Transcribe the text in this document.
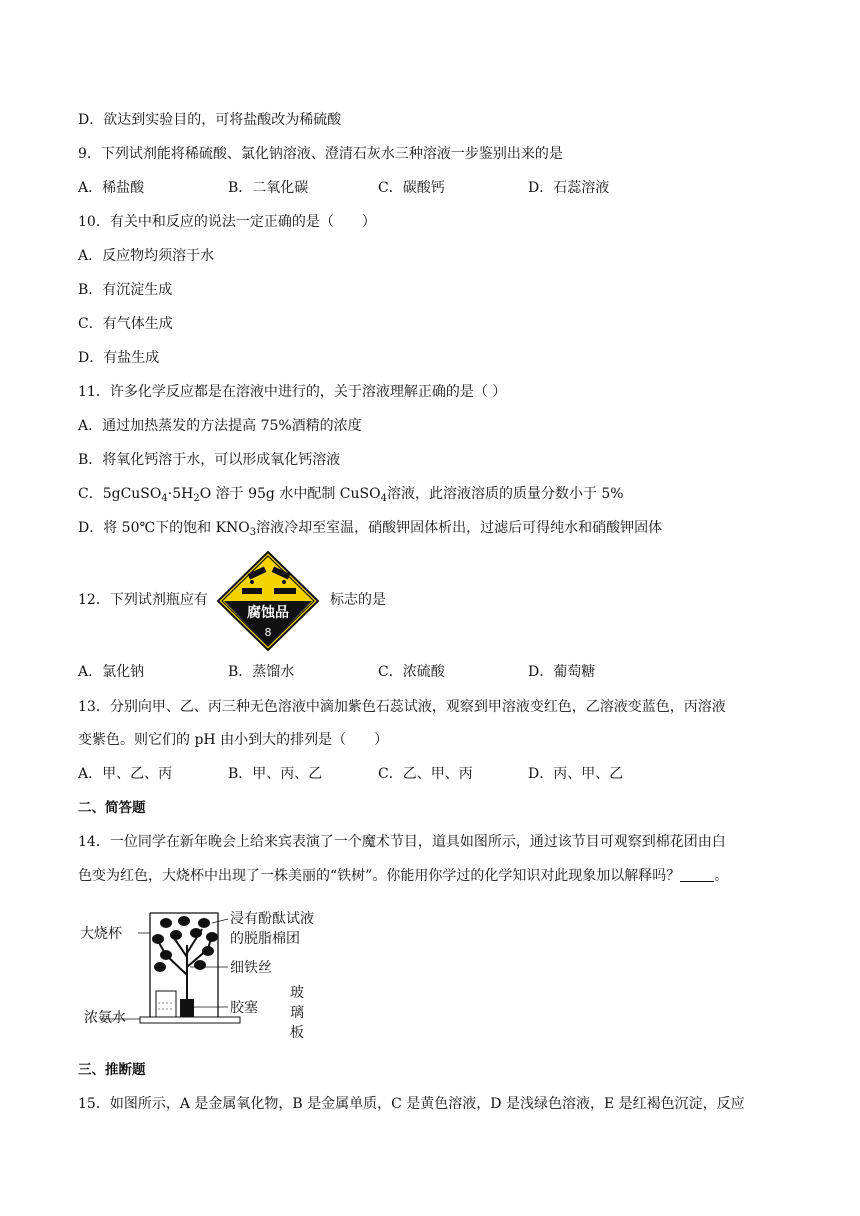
D．欲达到实验目的，可将盐酸改为稀硫酸
9．下列试剂能将稀硫酸、氯化钠溶液、澄清石灰水三种溶液一步鉴别出来的是
A．稀盐酸	B．二氧化碳	C．碳酸钙	D．石蕊溶液
10．有关中和反应的说法一定正确的是（　　）
A．反应物均须溶于水
B．有沉淀生成
C．有气体生成
D．有盐生成
11．许多化学反应都是在溶液中进行的，关于溶液理解正确的是（ ）
A．通过加热蒸发的方法提高 75%酒精的浓度
B．将氧化钙溶于水，可以形成氧化钙溶液
C．$5gCuSO_4\cdot 5H_2O$ 溶于 95g 水中配制 CuSO$_4$溶液，此溶液溶质的质量分数小于 5%
D．将 50℃下的饱和 $KNO_3$溶液冷却至室温，硝酸钾固体析出，过滤后可得纯水和硝酸钾固体
12．下列试剂瓶应有
腐蚀品
8
标志的是
A．氯化钠	B．蒸馏水	C．浓硫酸	D．葡萄糖
13．分别向甲、乙、丙三种无色溶液中滴加紫色石蕊试液，观察到甲溶液变红色，乙溶液变蓝色，丙溶液
变紫色。则它们的 pH 由小到大的排列是（　　）
A．甲、乙、丙	B．甲、丙、乙	C．乙、甲、丙	D．丙、甲、乙
二、简答题
14．一位同学在新年晚会上给来宾表演了一个魔术节目，道具如图所示，通过该节目可观察到棉花团由白
色变为红色，大烧杯中出现了一株美丽的“铁树”。你能用你学过的化学知识对此现象加以解释吗？ 。
大烧杯
浸有酚酞试液
的脱脂棉团
细铁丝
浓氨水
胶塞
玻
璃
板
三、推断题
15．如图所示，A 是金属氧化物，B 是金属单质，C 是黄色溶液，D 是浅绿色溶液，E 是红褐色沉淀，反应
